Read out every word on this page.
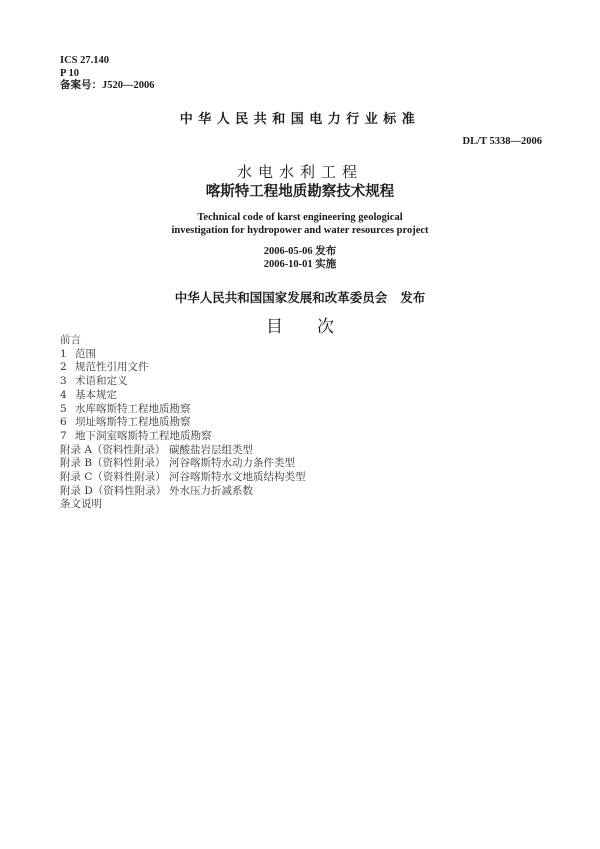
ICS 27.140
P 10
备案号：J520—2006
中华人民共和国电力行业标准
DL/T 5338—2006
水电水利工程
喀斯特工程地质勘察技术规程
Technical code of karst engineering geological
investigation for hydropower and water resources project
2006-05-06 发布
2006-10-01 实施
中华人民共和国国家发展和改革委员会   发布
目 次
前言
1 范围
2 规范性引用文件
3 术语和定义
4 基本规定
5 水库喀斯特工程地质勘察
6 坝址喀斯特工程地质勘察
7 地下洞室喀斯特工程地质勘察
附录 A（资料性附录） 碳酸盐岩层组类型
附录 B（资料性附录） 河谷喀斯特水动力条件类型
附录 C（资料性附录） 河谷喀斯特水文地质结构类型
附录 D（资料性附录） 外水压力折减系数
条文说明
